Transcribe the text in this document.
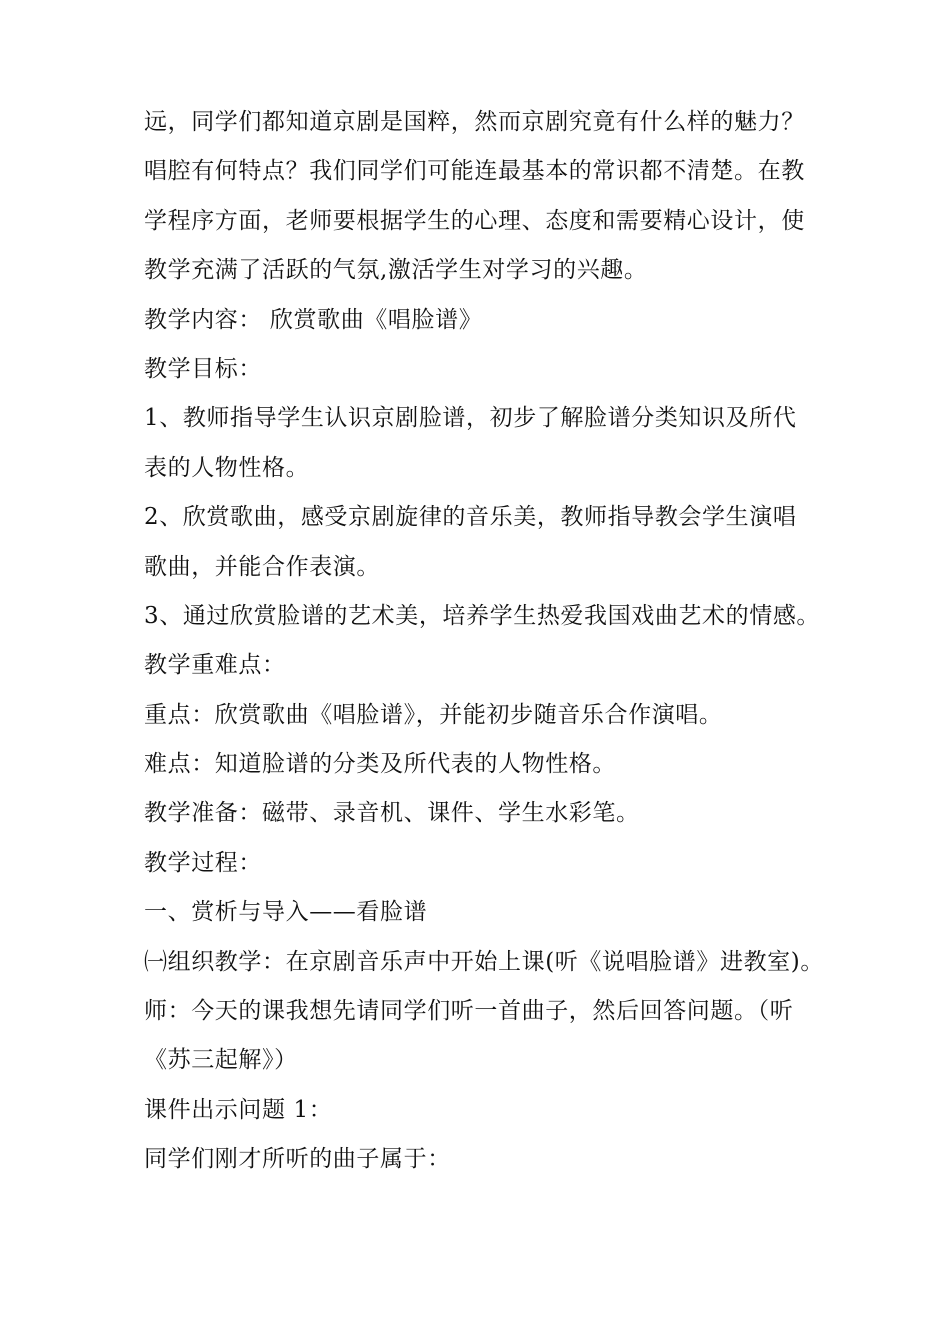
远，同学们都知道京剧是国粹，然而京剧究竟有什么样的魅力？
唱腔有何特点？我们同学们可能连最基本的常识都不清楚。在教
学程序方面，老师要根据学生的心理、态度和需要精心设计，使
教学充满了活跃的气氛,激活学生对学习的兴趣。
教学内容： 欣赏歌曲《唱脸谱》
教学目标：
1、教师指导学生认识京剧脸谱，初步了解脸谱分类知识及所代
表的人物性格。
2、欣赏歌曲，感受京剧旋律的音乐美，教师指导教会学生演唱
歌曲，并能合作表演。
3、通过欣赏脸谱的艺术美，培养学生热爱我国戏曲艺术的情感。
教学重难点：
重点：欣赏歌曲《唱脸谱》，并能初步随音乐合作演唱。
难点：知道脸谱的分类及所代表的人物性格。
教学准备：磁带、录音机、课件、学生水彩笔。
教学过程：
一、赏析与导入——看脸谱
㈠组织教学：在京剧音乐声中开始上课(听《说唱脸谱》进教室)。
师：今天的课我想先请同学们听一首曲子，然后回答问题。（听
《苏三起解》）
课件出示问题 1：
同学们刚才所听的曲子属于：
